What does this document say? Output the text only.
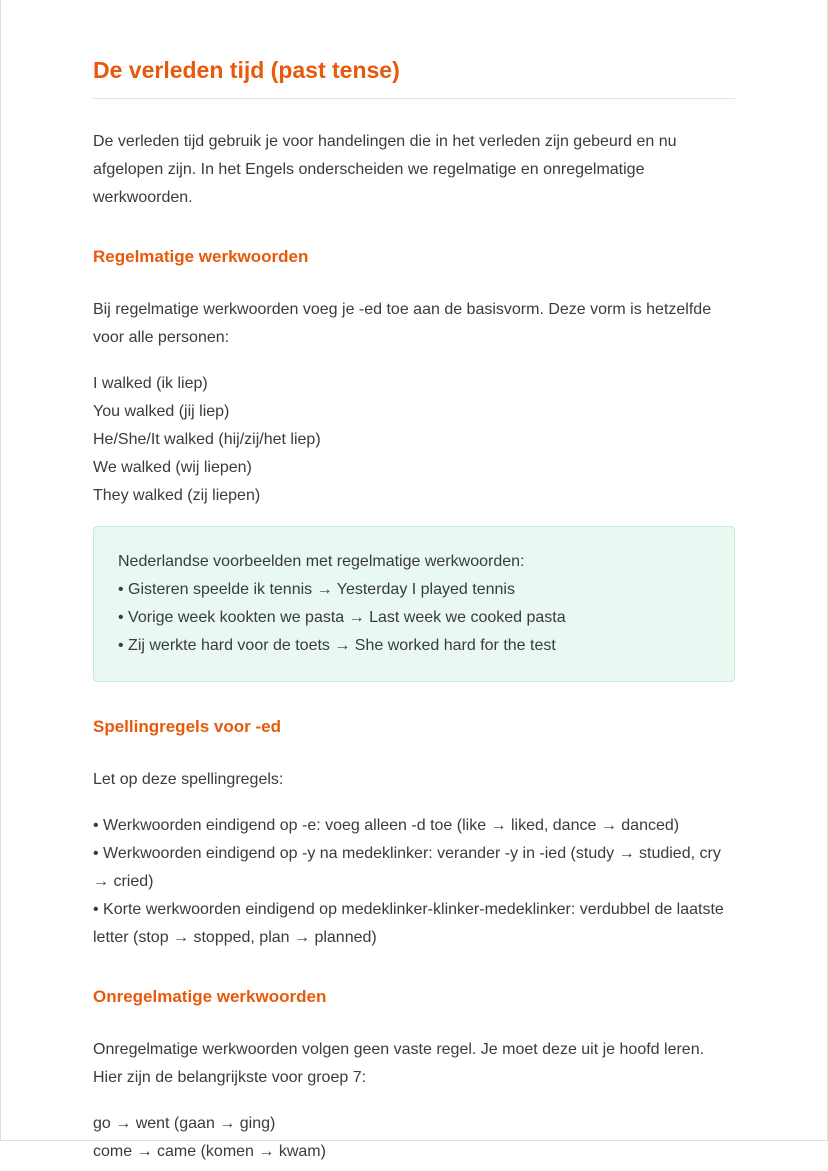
De verleden tijd (past tense)

De verleden tijd gebruik je voor handelingen die in het verleden zijn gebeurd en nu afgelopen zijn. In het Engels onderscheiden we regelmatige en onregelmatige werkwoorden.

Regelmatige werkwoorden

Bij regelmatige werkwoorden voeg je -ed toe aan de basisvorm. Deze vorm is hetzelfde voor alle personen:

I walked (ik liep)
You walked (jij liep)
He/She/It walked (hij/zij/het liep)
We walked (wij liepen)
They walked (zij liepen)
Nederlandse voorbeelden met regelmatige werkwoorden:
• Gisteren speelde ik tennis → Yesterday I played tennis
• Vorige week kookten we pasta → Last week we cooked pasta
• Zij werkte hard voor de toets → She worked hard for the test
Spellingregels voor -ed

Let op deze spellingregels:

• Werkwoorden eindigend op -e: voeg alleen -d toe (like → liked, dance → danced)
• Werkwoorden eindigend op -y na medeklinker: verander -y in -ied (study → studied, cry → cried)
• Korte werkwoorden eindigend op medeklinker-klinker-medeklinker: verdubbel de laatste letter (stop → stopped, plan → planned)
Onregelmatige werkwoorden

Onregelmatige werkwoorden volgen geen vaste regel. Je moet deze uit je hoofd leren. Hier zijn de belangrijkste voor groep 7:

go → went (gaan → ging)
come → came (komen → kwam)
